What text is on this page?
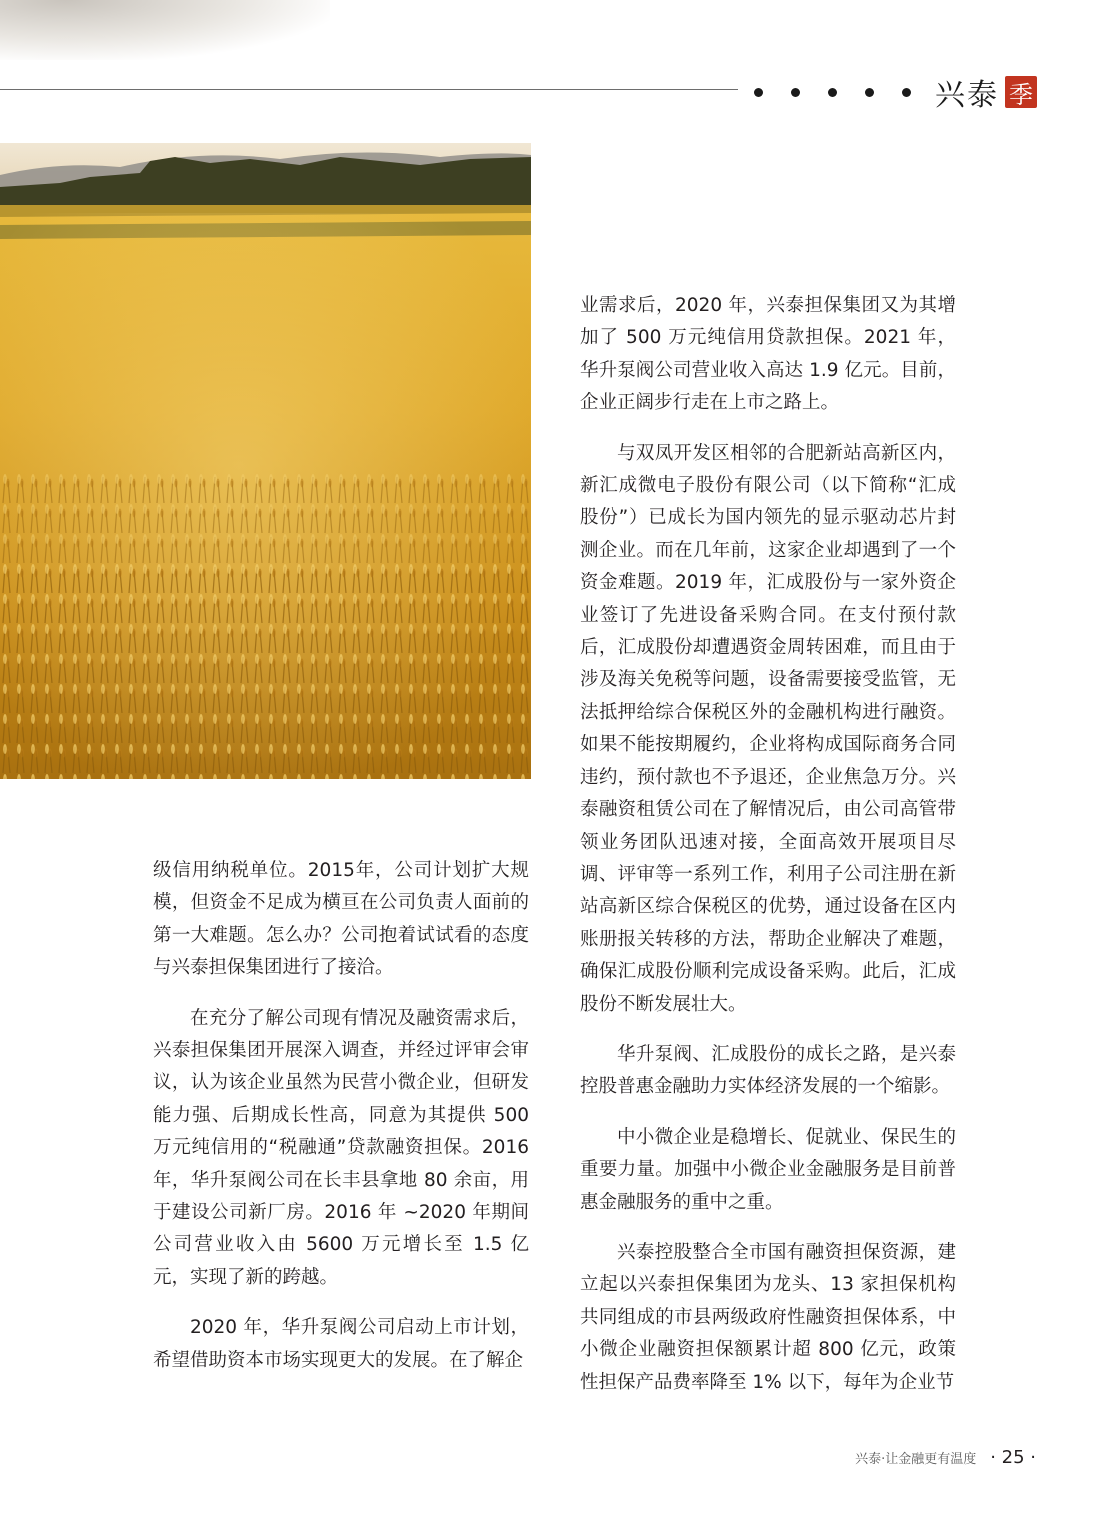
兴泰 季

级信用纳税单位。2015年，公司计划扩大规模，但资金不足成为横亘在公司负责人面前的第一大难题。怎么办？公司抱着试试看的态度与兴泰担保集团进行了接洽。

在充分了解公司现有情况及融资需求后，兴泰担保集团开展深入调查，并经过评审会审议，认为该企业虽然为民营小微企业，但研发能力强、后期成长性高，同意为其提供 500 万元纯信用的“税融通”贷款融资担保。2016 年，华升泵阀公司在长丰县拿地 80 余亩，用于建设公司新厂房。2016 年 ~2020 年期间公司营业收入由 5600 万元增长至 1.5 亿元，实现了新的跨越。

2020 年，华升泵阀公司启动上市计划，希望借助资本市场实现更大的发展。在了解企

业需求后，2020 年，兴泰担保集团又为其增加了 500 万元纯信用贷款担保。2021 年，华升泵阀公司营业收入高达 1.9 亿元。目前，企业正阔步行走在上市之路上。

与双凤开发区相邻的合肥新站高新区内，新汇成微电子股份有限公司（以下简称“汇成股份”）已成长为国内领先的显示驱动芯片封测企业。而在几年前，这家企业却遇到了一个资金难题。2019 年，汇成股份与一家外资企业签订了先进设备采购合同。在支付预付款后，汇成股份却遭遇资金周转困难，而且由于涉及海关免税等问题，设备需要接受监管，无法抵押给综合保税区外的金融机构进行融资。如果不能按期履约，企业将构成国际商务合同违约，预付款也不予退还，企业焦急万分。兴泰融资租赁公司在了解情况后，由公司高管带领业务团队迅速对接，全面高效开展项目尽调、评审等一系列工作，利用子公司注册在新站高新区综合保税区的优势，通过设备在区内账册报关转移的方法，帮助企业解决了难题，确保汇成股份顺利完成设备采购。此后，汇成股份不断发展壮大。

华升泵阀、汇成股份的成长之路，是兴泰控股普惠金融助力实体经济发展的一个缩影。

中小微企业是稳增长、促就业、保民生的重要力量。加强中小微企业金融服务是目前普惠金融服务的重中之重。

兴泰控股整合全市国有融资担保资源，建立起以兴泰担保集团为龙头、13 家担保机构共同组成的市县两级政府性融资担保体系，中小微企业融资担保额累计超 800 亿元，政策性担保产品费率降至 1% 以下，每年为企业节

兴泰·让金融更有温度 · 25 ·
